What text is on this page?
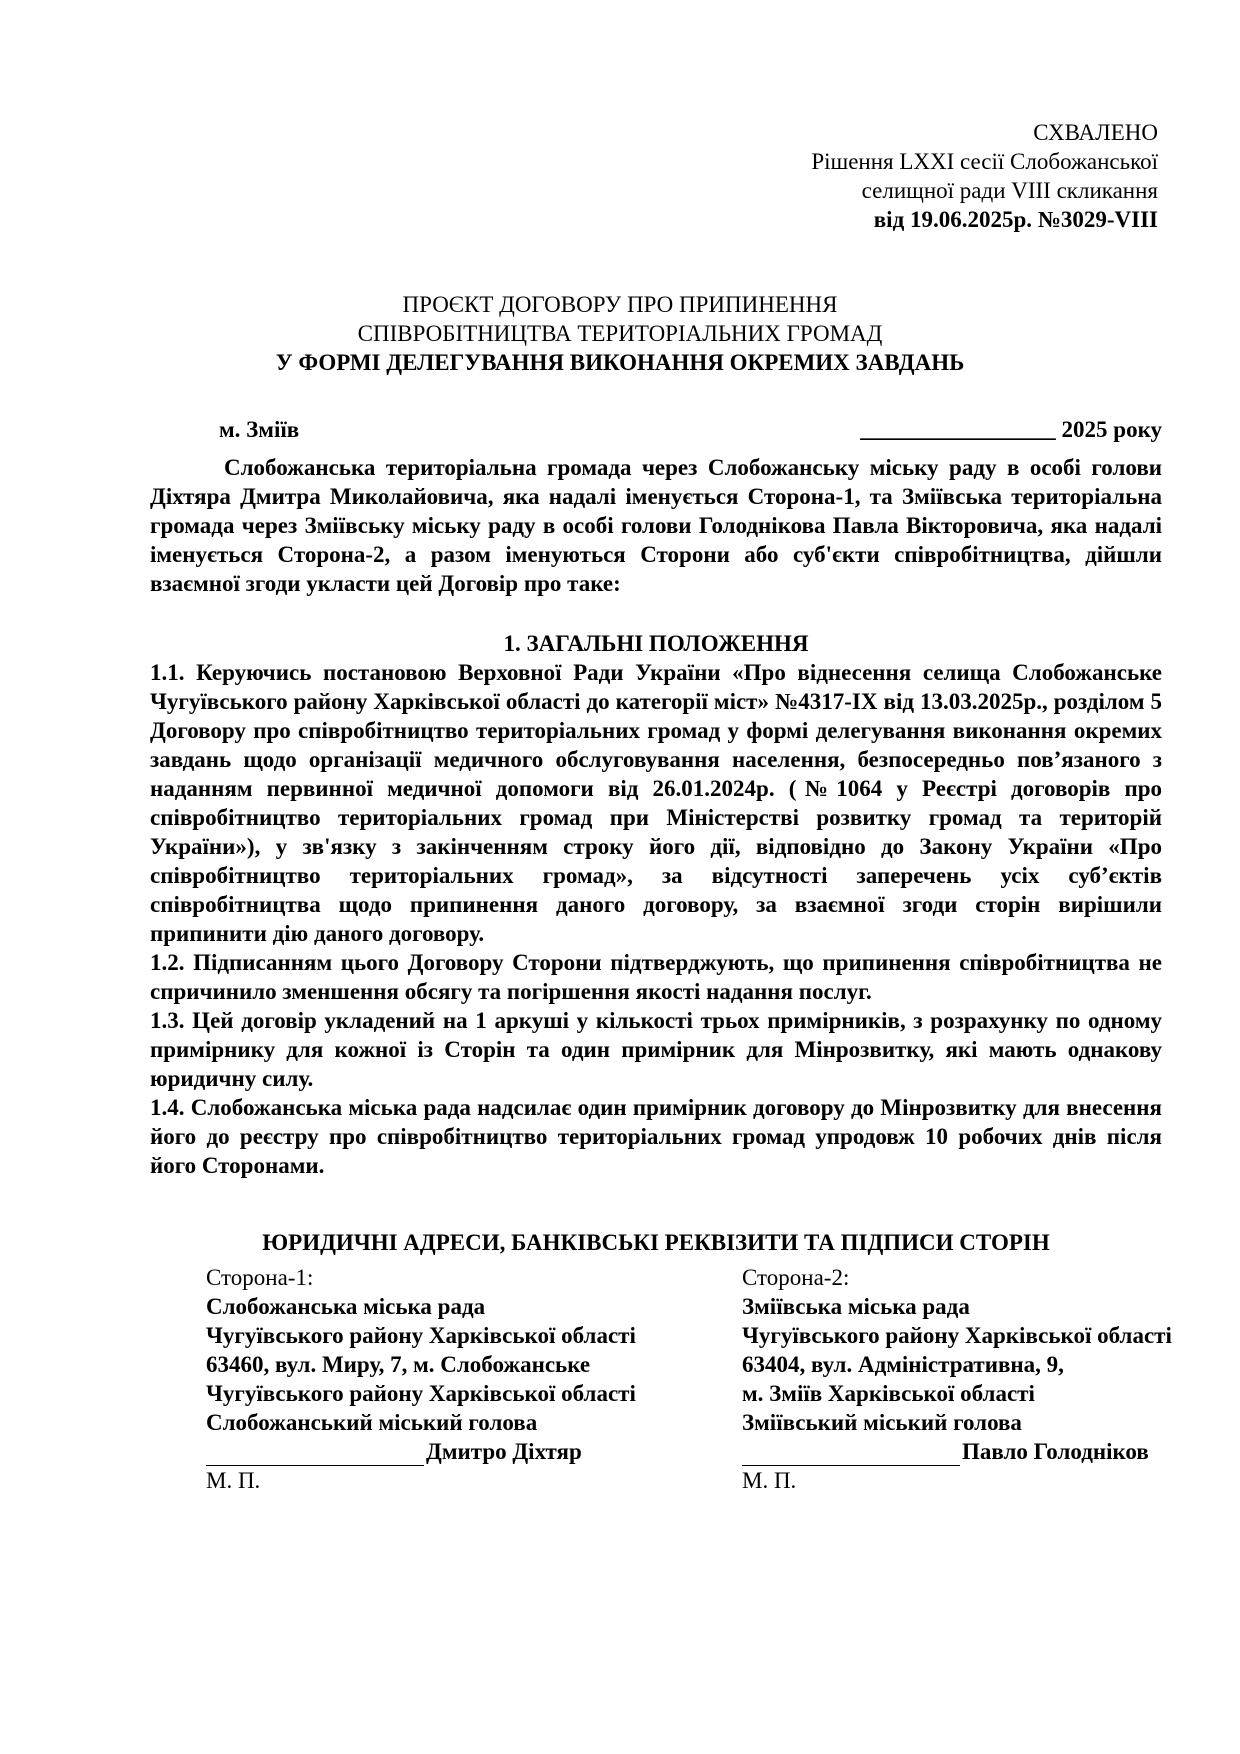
СХВАЛЕНО
Рішення LXXI сесії Слобожанської
селищної ради VIII скликання
від 19.06.2025р. №3029-VIII
ПРОЄКТ ДОГОВОРУ ПРО ПРИПИНЕННЯ
СПІВРОБІТНИЦТВА ТЕРИТОРІАЛЬНИХ ГРОМАД
У ФОРМІ ДЕЛЕГУВАННЯ ВИКОНАННЯ ОКРЕМИХ ЗАВДАНЬ
м. Зміїв	_________________ 2025 року
Слобожанська територіальна громада через Слобожанську міську раду в особі голови Діхтяра Дмитра Миколайовича, яка надалі іменується Сторона-1, та Зміївська територіальна громада через Зміївську міську раду в особі голови Голоднікова Павла Вікторовича, яка надалі іменується Сторона-2, а разом іменуються Сторони або суб'єкти співробітництва, дійшли взаємної згоди укласти цей Договір про таке:
1. ЗАГАЛЬНІ ПОЛОЖЕННЯ

1.1. Керуючись постановою Верховної Ради України «Про віднесення селища Слобожанське Чугуївського району Харківської області до категорії міст» №4317-IX від 13.03.2025р., розділом 5 Договору про співробітництво територіальних громад у формі делегування виконання окремих завдань щодо організації медичного обслуговування населення, безпосередньо пов’язаного з наданням первинної медичної допомоги від 26.01.2024р. (№1064 у Реєстрі договорів про співробітництво територіальних громад при Міністерстві розвитку громад та територій України»), у зв'язку з закінченням строку його дії, відповідно до Закону України «Про співробітництво територіальних громад», за відсутності заперечень усіх суб’єктів співробітництва щодо припинення даного договору, за взаємної згоди сторін вирішили припинити дію даного договору.

1.2. Підписанням цього Договору Сторони підтверджують, що припинення співробітництва не спричинило зменшення обсягу та погіршення якості надання послуг.

1.3. Цей договір укладений на 1 аркуші у кількості трьох примірників, з розрахунку по одному примірнику для кожної із Сторін та один примірник для Мінрозвитку, які мають однакову юридичну силу.

1.4. Слобожанська міська рада надсилає один примірник договору до Мінрозвитку для внесення його до реєстру про співробітництво територіальних громад упродовж 10 робочих днів після його Сторонами.

ЮРИДИЧНІ АДРЕСИ, БАНКІВСЬКІ РЕКВІЗИТИ ТА ПІДПИСИ СТОРІН
Сторона-1:
Слобожанська міська рада
Чугуївського району Харківської області
63460, вул. Миру, 7, м. Слобожанське
Чугуївського району Харківської області
Слобожанський міський голова
Дмитро Діхтяр
М. П.
Сторона-2:
Зміївська міська рада
Чугуївського району Харківської області
63404, вул. Адміністративна, 9,
м. Зміїв Харківської області
Зміївський міський голова
Павло Голодніков
М. П.
